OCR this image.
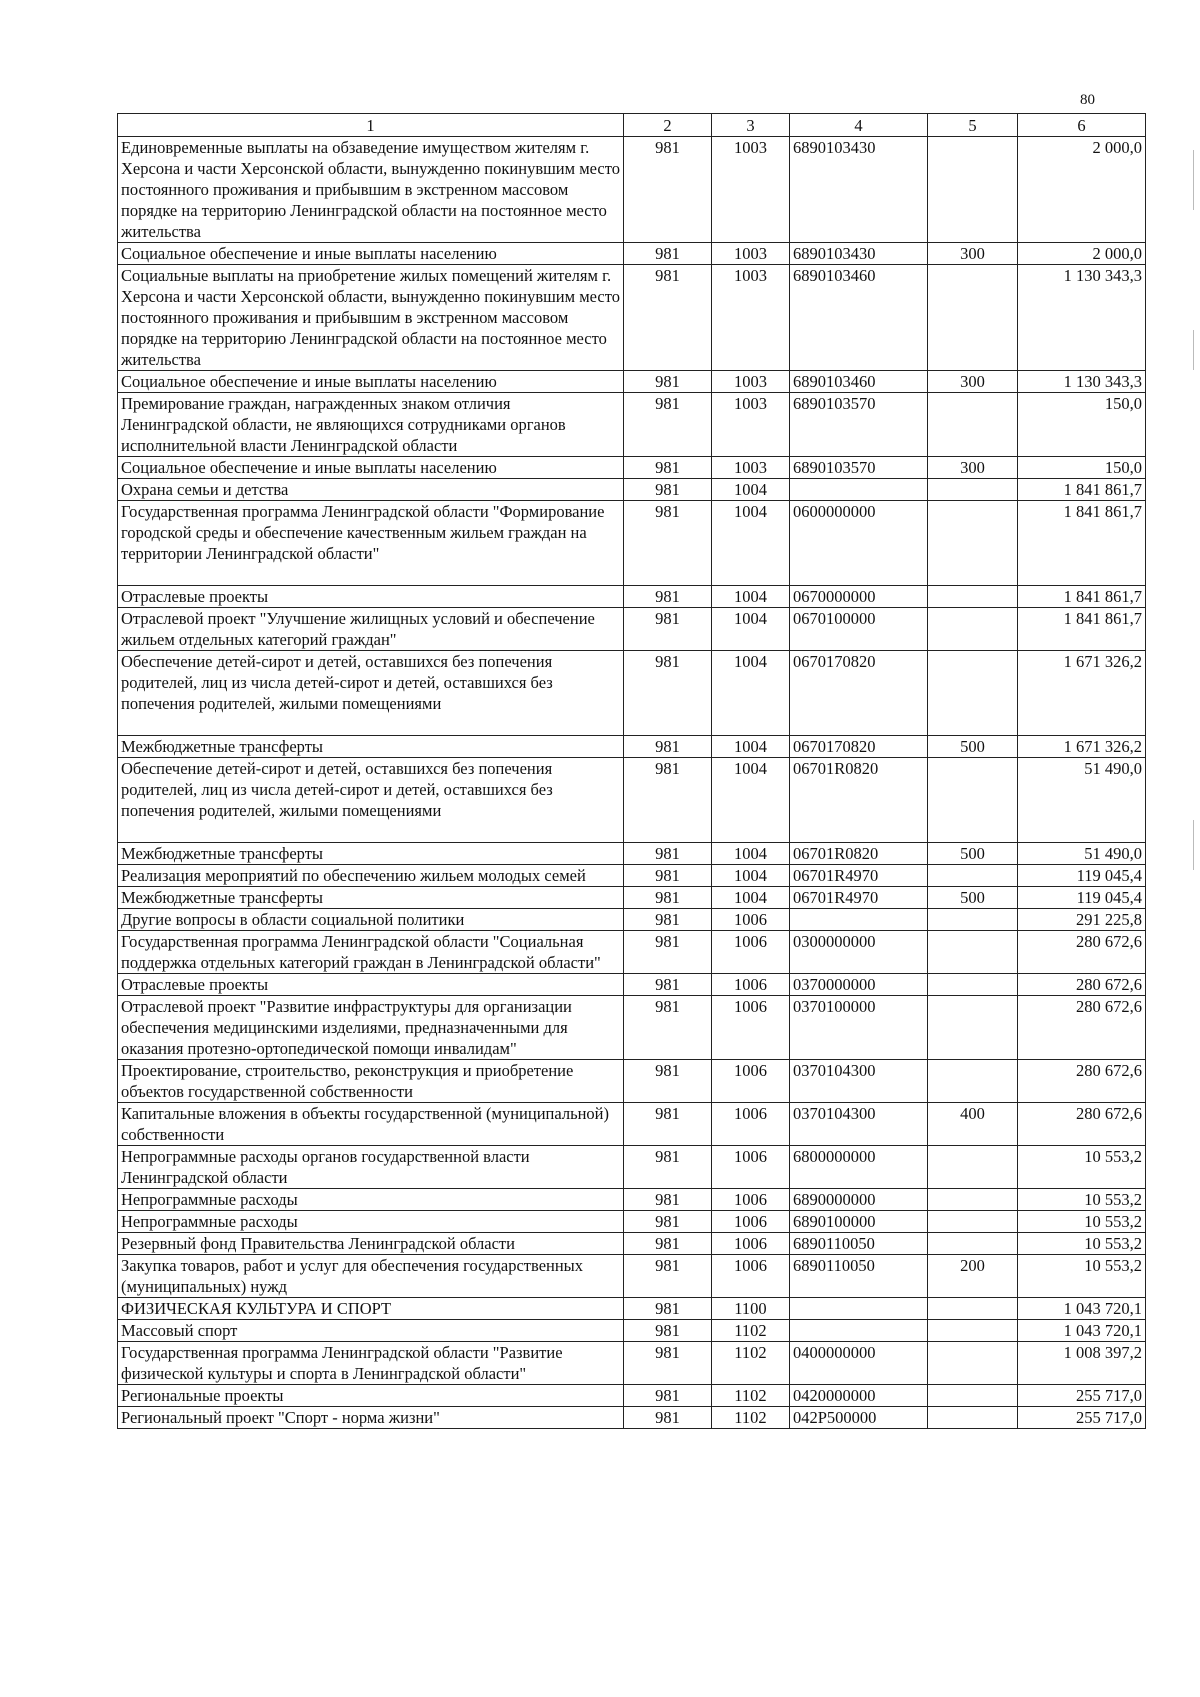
80
1	2	3	4	5	6
Единовременные выплаты на обзаведение имуществом жителям г. Херсона и части Херсонской области, вынужденно покинувшим место постоянного проживания и прибывшим в экстренном массовом порядке на территорию Ленинградской области на постоянное место жительства	981	1003	6890103430		2 000,0
Социальное обеспечение и иные выплаты населению	981	1003	6890103430	300	2 000,0
Социальные выплаты на приобретение жилых помещений жителям г. Херсона и части Херсонской области, вынужденно покинувшим место постоянного проживания и прибывшим в экстренном массовом порядке на территорию Ленинградской области на постоянное место жительства	981	1003	6890103460		1 130 343,3
Социальное обеспечение и иные выплаты населению	981	1003	6890103460	300	1 130 343,3
Премирование граждан, награжденных знаком отличия Ленинградской области, не являющихся сотрудниками органов исполнительной власти Ленинградской области	981	1003	6890103570		150,0
Социальное обеспечение и иные выплаты населению	981	1003	6890103570	300	150,0
Охрана семьи и детства	981	1004			1 841 861,7
Государственная программа Ленинградской области "Формирование городской среды и обеспечение качественным жильем граждан на территории Ленинградской области"	981	1004	0600000000		1 841 861,7
Отраслевые проекты	981	1004	0670000000		1 841 861,7
Отраслевой проект "Улучшение жилищных условий и обеспечение жильем отдельных категорий граждан"	981	1004	0670100000		1 841 861,7
Обеспечение детей-сирот и детей, оставшихся без попечения родителей, лиц из числа детей-сирот и детей, оставшихся без попечения родителей, жилыми помещениями	981	1004	0670170820		1 671 326,2
Межбюджетные трансферты	981	1004	0670170820	500	1 671 326,2
Обеспечение детей-сирот и детей, оставшихся без попечения родителей, лиц из числа детей-сирот и детей, оставшихся без попечения родителей, жилыми помещениями	981	1004	06701R0820		51 490,0
Межбюджетные трансферты	981	1004	06701R0820	500	51 490,0
Реализация мероприятий по обеспечению жильем молодых семей	981	1004	06701R4970		119 045,4
Межбюджетные трансферты	981	1004	06701R4970	500	119 045,4
Другие вопросы в области социальной политики	981	1006			291 225,8
Государственная программа Ленинградской области "Социальная поддержка отдельных категорий граждан в Ленинградской области"	981	1006	0300000000		280 672,6
Отраслевые проекты	981	1006	0370000000		280 672,6
Отраслевой проект "Развитие инфраструктуры для организации обеспечения медицинскими изделиями, предназначенными для оказания протезно-ортопедической помощи инвалидам"	981	1006	0370100000		280 672,6
Проектирование, строительство, реконструкция и приобретение объектов государственной собственности	981	1006	0370104300		280 672,6
Капитальные вложения в объекты государственной (муниципальной) собственности	981	1006	0370104300	400	280 672,6
Непрограммные расходы органов государственной власти Ленинградской области	981	1006	6800000000		10 553,2
Непрограммные расходы	981	1006	6890000000		10 553,2
Непрограммные расходы	981	1006	6890100000		10 553,2
Резервный фонд Правительства Ленинградской области	981	1006	6890110050		10 553,2
Закупка товаров, работ и услуг для обеспечения государственных (муниципальных) нужд	981	1006	6890110050	200	10 553,2
ФИЗИЧЕСКАЯ КУЛЬТУРА И СПОРТ	981	1100			1 043 720,1
Массовый спорт	981	1102			1 043 720,1
Государственная программа Ленинградской области "Развитие физической культуры и спорта в Ленинградской области"	981	1102	0400000000		1 008 397,2
Региональные проекты	981	1102	0420000000		255 717,0
Региональный проект "Спорт - норма жизни"	981	1102	042P500000		255 717,0
